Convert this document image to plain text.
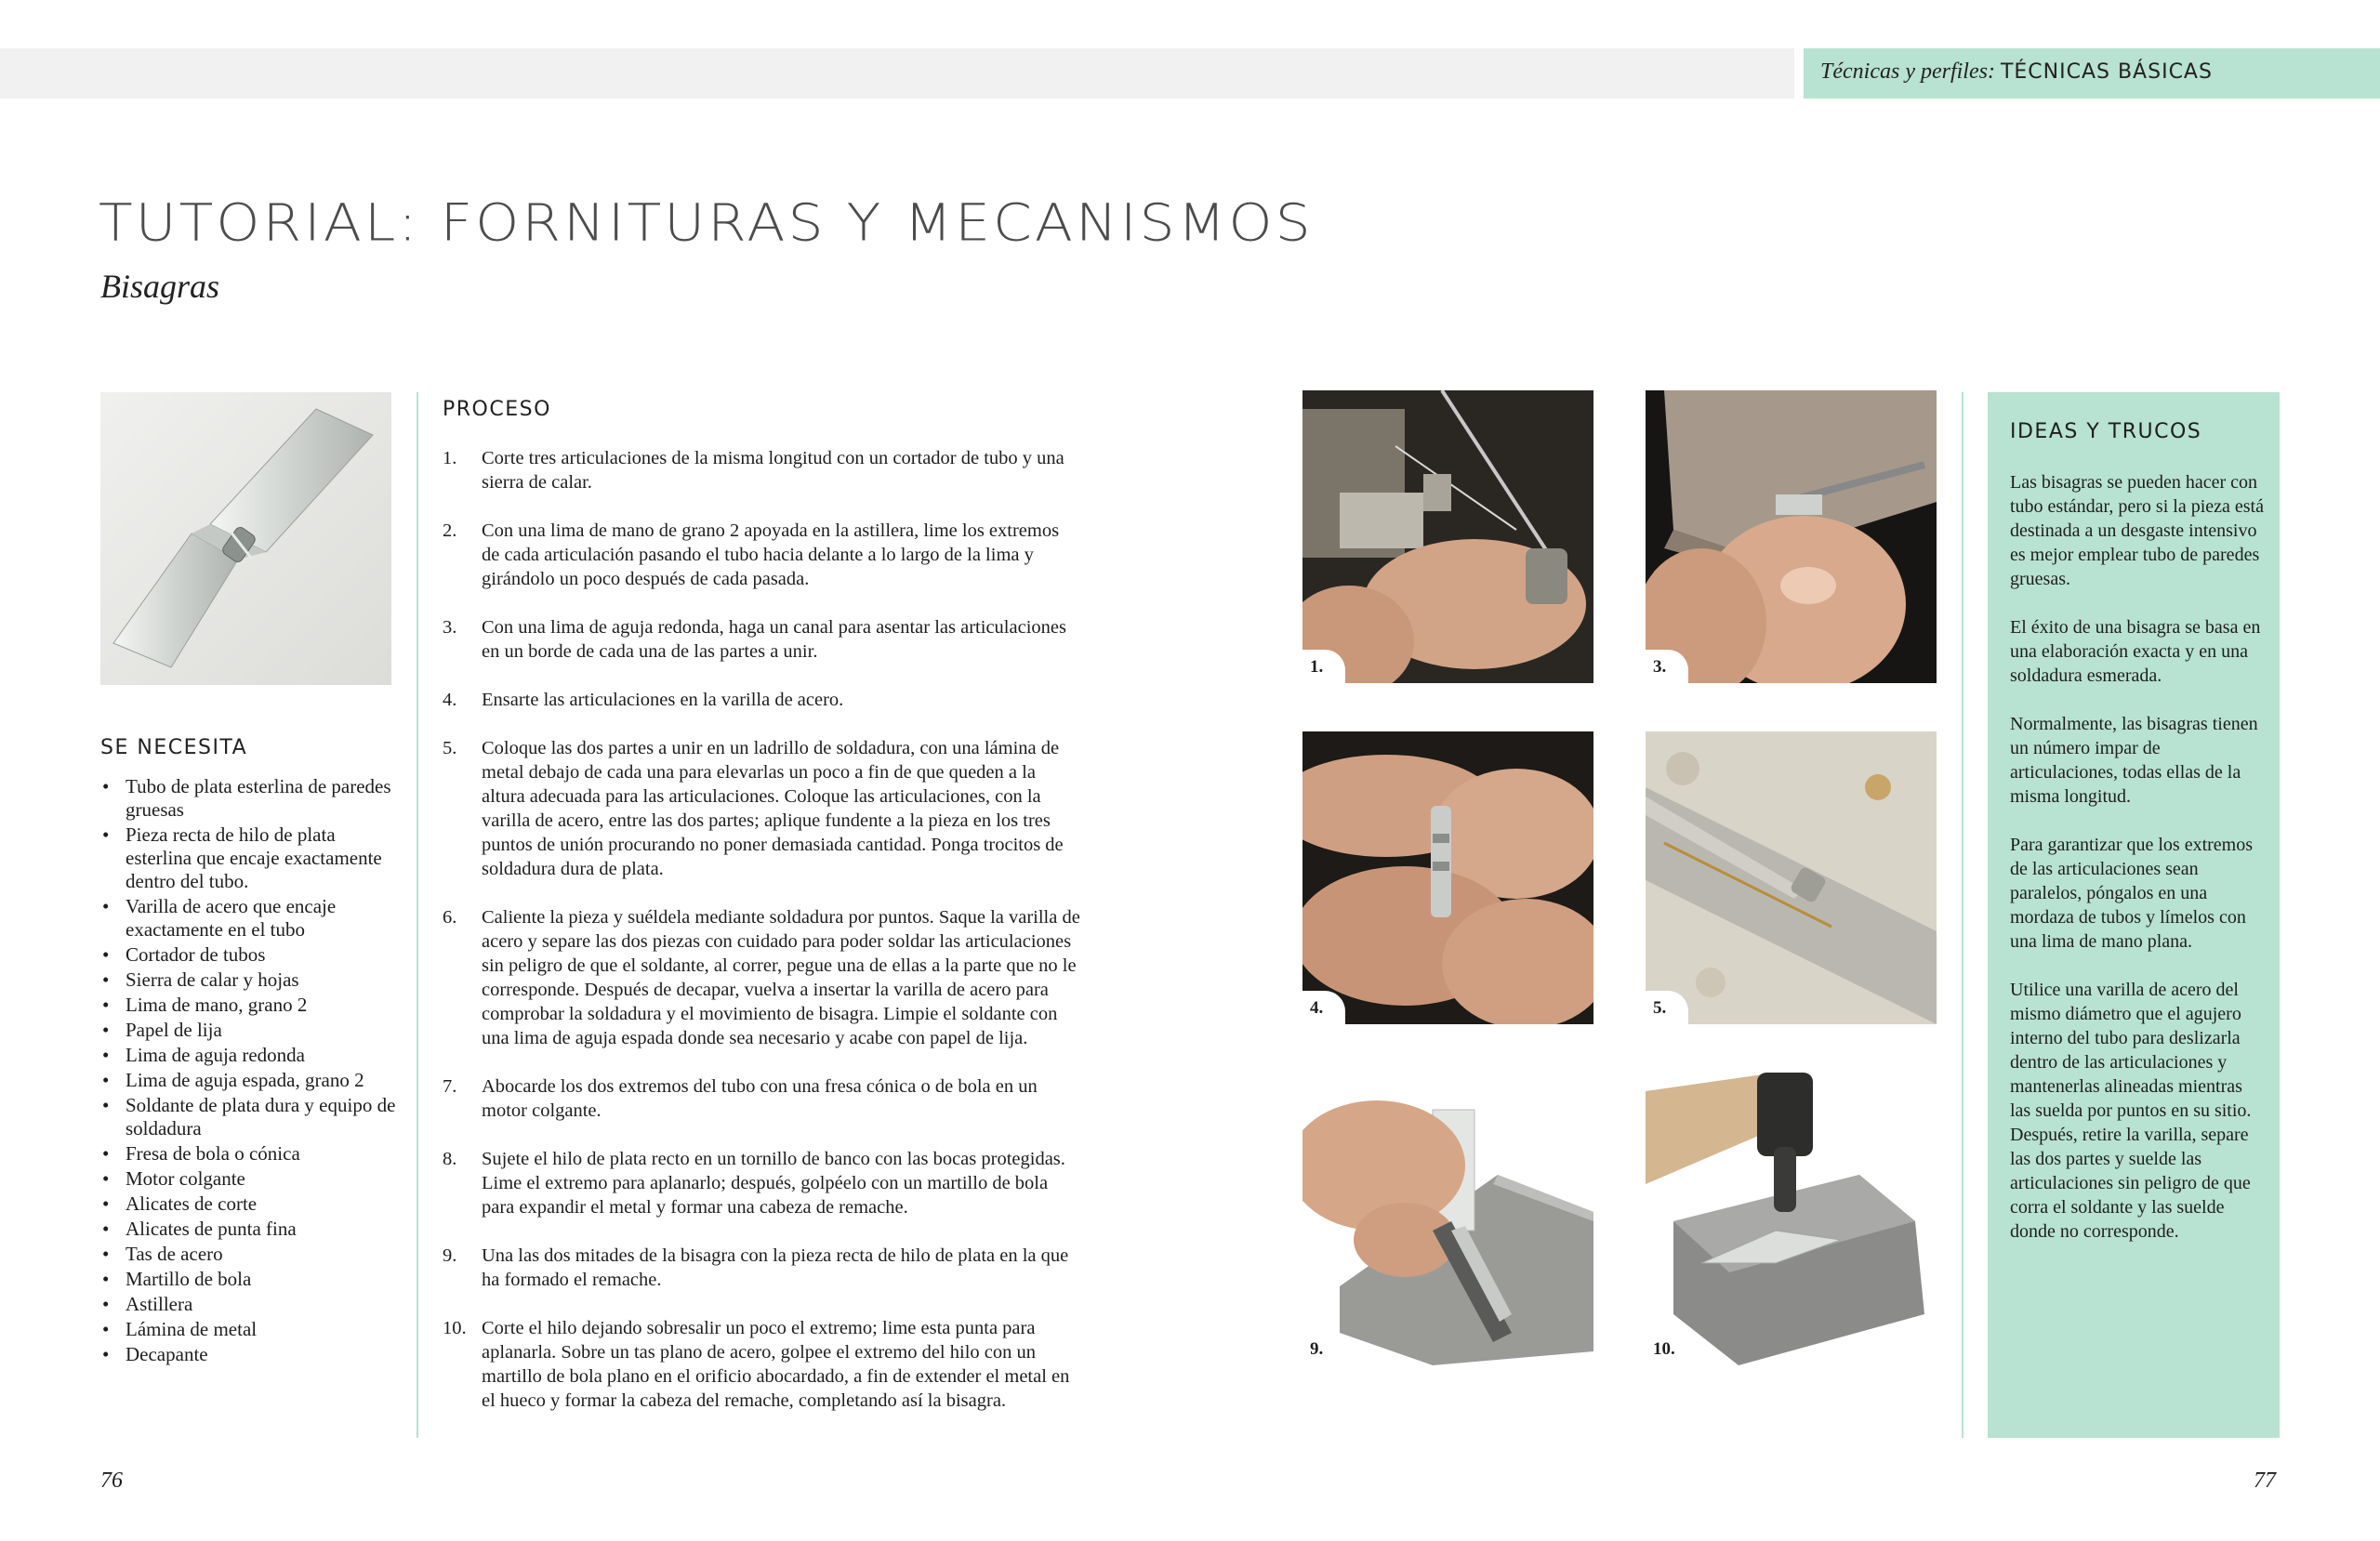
Técnicas y perfiles: TÉCNICAS BÁSICAS
TUTORIAL: FORNITURAS Y MECANISMOS
Bisagras
SE NECESITA
• Tubo de plata esterlina de paredes gruesas
• Pieza recta de hilo de plata esterlina que encaje exactamente dentro del tubo.
• Varilla de acero que encaje exactamente en el tubo
• Cortador de tubos
• Sierra de calar y hojas
• Lima de mano, grano 2
• Papel de lija
• Lima de aguja redonda
• Lima de aguja espada, grano 2
• Soldante de plata dura y equipo de soldadura
• Fresa de bola o cónica
• Motor colgante
• Alicates de corte
• Alicates de punta fina
• Tas de acero
• Martillo de bola
• Astillera
• Lámina de metal
• Decapante
PROCESO
1.	Corte tres articulaciones de la misma longitud con un cortador de tubo y una sierra de calar.
2.	Con una lima de mano de grano 2 apoyada en la astillera, lime los extremos de cada articulación pasando el tubo hacia delante a lo largo de la lima y girándolo un poco después de cada pasada.
3.	Con una lima de aguja redonda, haga un canal para asentar las articulaciones en un borde de cada una de las partes a unir.
4.	Ensarte las articulaciones en la varilla de acero.
5.	Coloque las dos partes a unir en un ladrillo de soldadura, con una lámina de metal debajo de cada una para elevarlas un poco a fin de que queden a la altura adecuada para las articulaciones. Coloque las articulaciones, con la varilla de acero, entre las dos partes; aplique fundente a la pieza en los tres puntos de unión procurando no poner demasiada cantidad. Ponga trocitos de soldadura dura de plata.
6.	Caliente la pieza y suéldela mediante soldadura por puntos. Saque la varilla de acero y separe las dos piezas con cuidado para poder soldar las articulaciones sin peligro de que el soldante, al correr, pegue una de ellas a la parte que no le corresponde. Después de decapar, vuelva a insertar la varilla de acero para comprobar la soldadura y el movimiento de bisagra. Limpie el soldante con una lima de aguja espada donde sea necesario y acabe con papel de lija.
7.	Abocarde los dos extremos del tubo con una fresa cónica o de bola en un motor colgante.
8.	Sujete el hilo de plata recto en un tornillo de banco con las bocas protegidas. Lime el extremo para aplanarlo; después, golpéelo con un martillo de bola para expandir el metal y formar una cabeza de remache.
9.	Una las dos mitades de la bisagra con la pieza recta de hilo de plata en la que ha formado el remache.
10. Corte el hilo dejando sobresalir un poco el extremo; lime esta punta para aplanarla. Sobre un tas plano de acero, golpee el extremo del hilo con un martillo de bola plano en el orificio abocardado, a fin de extender el metal en el hueco y formar la cabeza del remache, completando así la bisagra.
1.	3.
4.	5.
9.	10.
IDEAS Y TRUCOS

Las bisagras se pueden hacer con tubo estándar, pero si la pieza está destinada a un desgaste intensivo es mejor emplear tubo de paredes gruesas.

El éxito de una bisagra se basa en una elaboración exacta y en una soldadura esmerada.

Normalmente, las bisagras tienen un número impar de articulaciones, todas ellas de la misma longitud.

Para garantizar que los extremos de las articulaciones sean paralelos, póngalos en una mordaza de tubos y límelos con una lima de mano plana.

Utilice una varilla de acero del mismo diámetro que el agujero interno del tubo para deslizarla dentro de las articulaciones y mantenerlas alineadas mientras las suelda por puntos en su sitio. Después, retire la varilla, separe las dos partes y suelde las articulaciones sin peligro de que corra el soldante y las suelde donde no corresponde.

76	77
